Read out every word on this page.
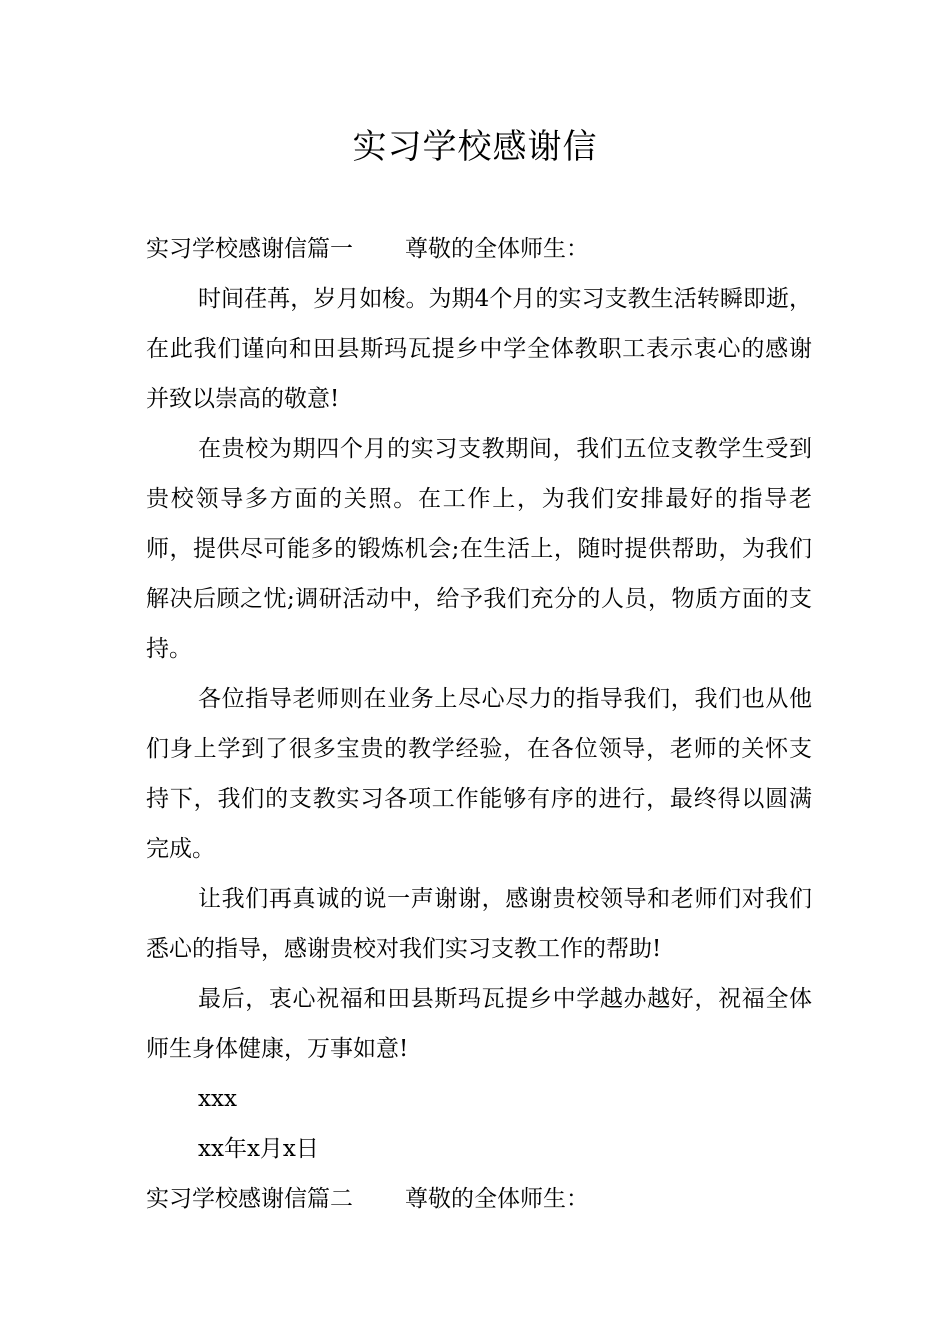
实习学校感谢信

实习学校感谢信篇一 尊敬的全体师生：

时间荏苒，岁月如梭。为期4个月的实习支教生活转瞬即逝，在此我们谨向和田县斯玛瓦提乡中学全体教职工表示衷心的感谢并致以崇高的敬意!

在贵校为期四个月的实习支教期间，我们五位支教学生受到贵校领导多方面的关照。在工作上，为我们安排最好的指导老师，提供尽可能多的锻炼机会;在生活上，随时提供帮助，为我们解决后顾之忧;调研活动中，给予我们充分的人员，物质方面的支持。

各位指导老师则在业务上尽心尽力的指导我们，我们也从他们身上学到了很多宝贵的教学经验，在各位领导，老师的关怀支持下，我们的支教实习各项工作能够有序的进行，最终得以圆满完成。

让我们再真诚的说一声谢谢，感谢贵校领导和老师们对我们悉心的指导，感谢贵校对我们实习支教工作的帮助!

最后，衷心祝福和田县斯玛瓦提乡中学越办越好，祝福全体师生身体健康，万事如意!

xxx

xx年x月x日

实习学校感谢信篇二 尊敬的全体师生：
